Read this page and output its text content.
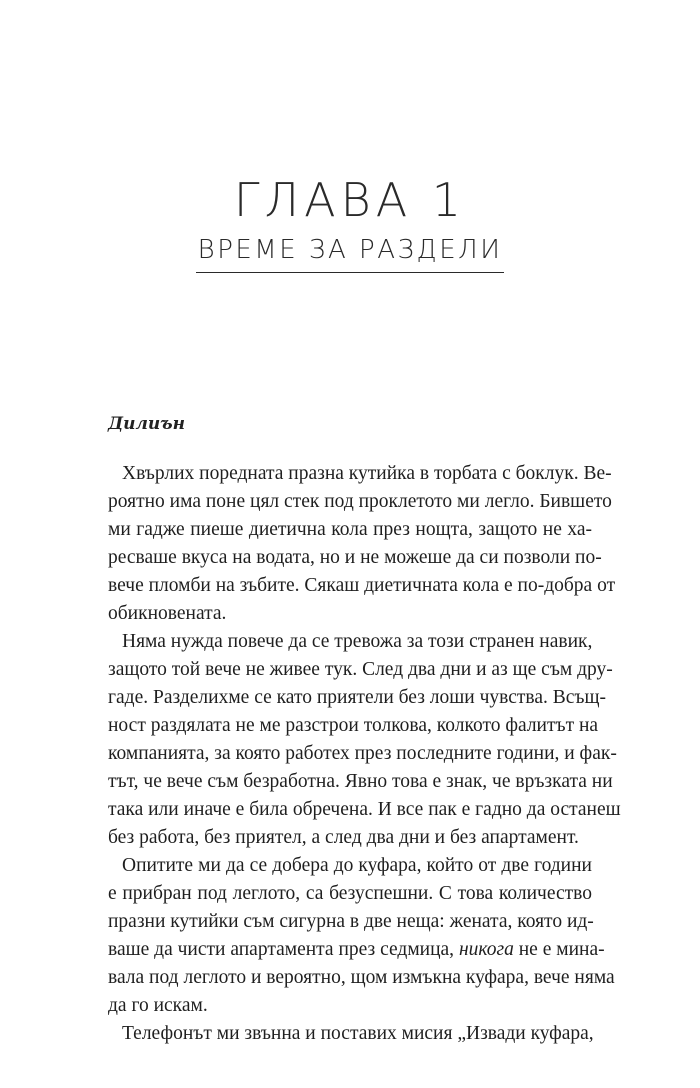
ГЛАВА 1
ВРЕМЕ ЗА РАЗДЕЛИ
Дилиън
Хвърлих поредната празна кутийка в торбата с боклук. Ве-
роятно има поне цял стек под проклетото ми легло. Бившето
ми гадже пиеше диетична кола през нощта, защото не ха-
ресваше вкуса на водата, но и не можеше да си позволи по-
вече пломби на зъбите. Сякаш диетичната кола е по-добра от
обикновената.
Няма нужда повече да се тревожа за този странен навик,
защото той вече не живее тук. След два дни и аз ще съм дру-
гаде. Разделихме се като приятели без лоши чувства. Всъщ-
ност раздялата не ме разстрои толкова, колкото фалитът на
компанията, за която работех през последните години, и фак-
тът, че вече съм безработна. Явно това е знак, че връзката ни
така или иначе е била обречена. И все пак е гадно да останеш
без работа, без приятел, а след два дни и без апартамент.
Опитите ми да се добера до куфара, който от две години
е прибран под леглото, са безуспешни. С това количество
празни кутийки съм сигурна в две неща: жената, която ид-
ваше да чисти апартамента през седмица, никога не е мина-
вала под леглото и вероятно, щом измъкна куфара, вече няма
да го искам.
Телефонът ми звънна и поставих мисия „Извади куфара,
